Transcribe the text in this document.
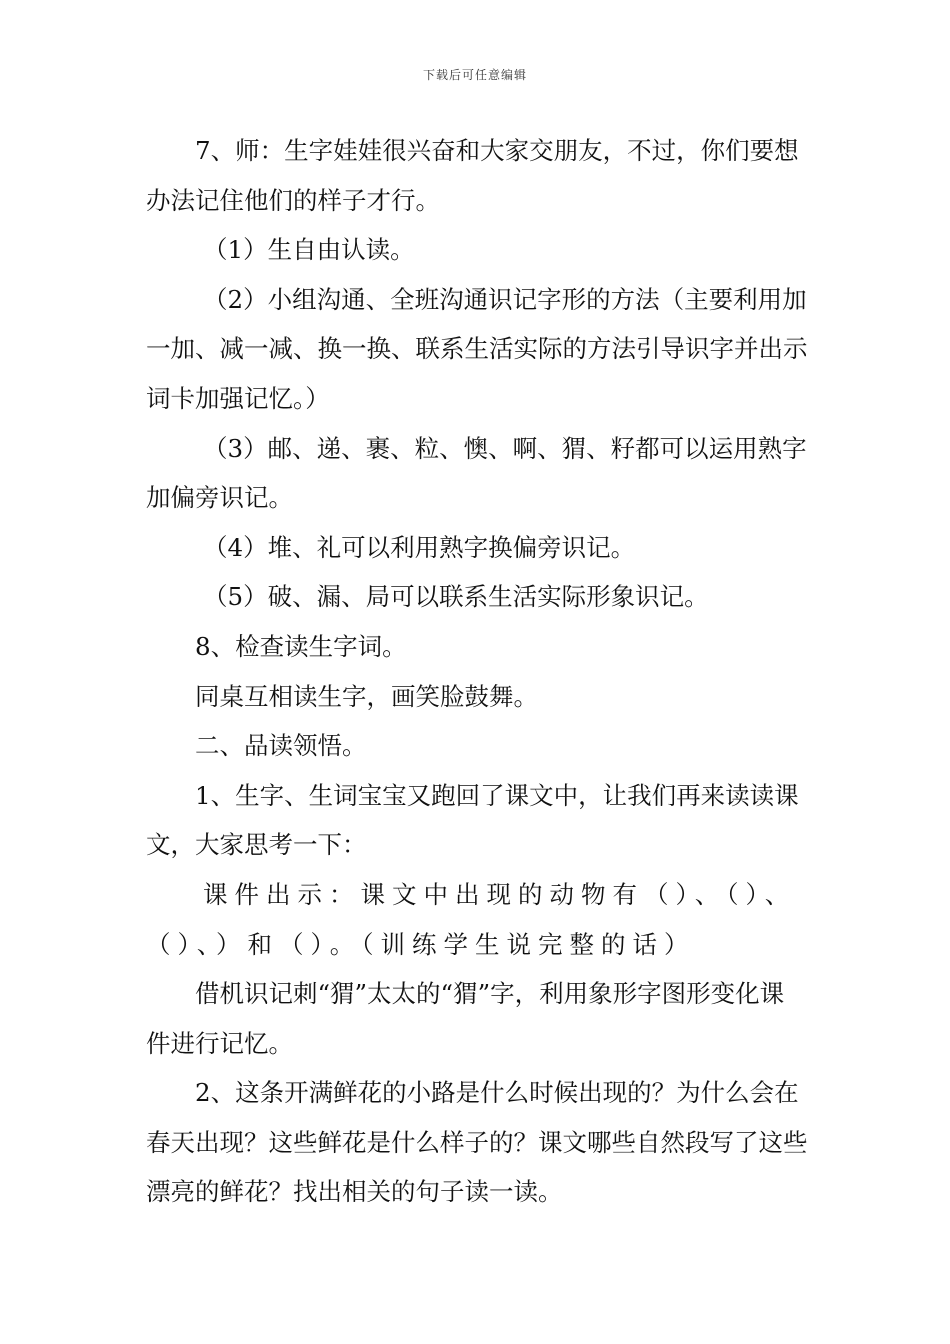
下载后可任意编辑

7、师：生字娃娃很兴奋和大家交朋友，不过，你们要想办法记住他们的样子才行。

（1）生自由认读。

（2）小组沟通、全班沟通识记字形的方法（主要利用加一加、减一减、换一换、联系生活实际的方法引导识字并出示词卡加强记忆。）

（3）邮、递、裹、粒、懊、啊、猬、籽都可以运用熟字加偏旁识记。

（4）堆、礼可以利用熟字换偏旁识记。

（5）破、漏、局可以联系生活实际形象识记。

8、检查读生字词。

同桌互相读生字，画笑脸鼓舞。

二、品读领悟。

1、生字、生词宝宝又跑回了课文中，让我们再来读读课文，大家思考一下：

课件出示：课文中出现的动物有（）、（）、（）、）和（）。（训练学生说完整的话）

借机识记刺“猬”太太的“猬”字，利用象形字图形变化课件进行记忆。

2、这条开满鲜花的小路是什么时候出现的？为什么会在春天出现？这些鲜花是什么样子的？课文哪些自然段写了这些漂亮的鲜花？找出相关的句子读一读。
